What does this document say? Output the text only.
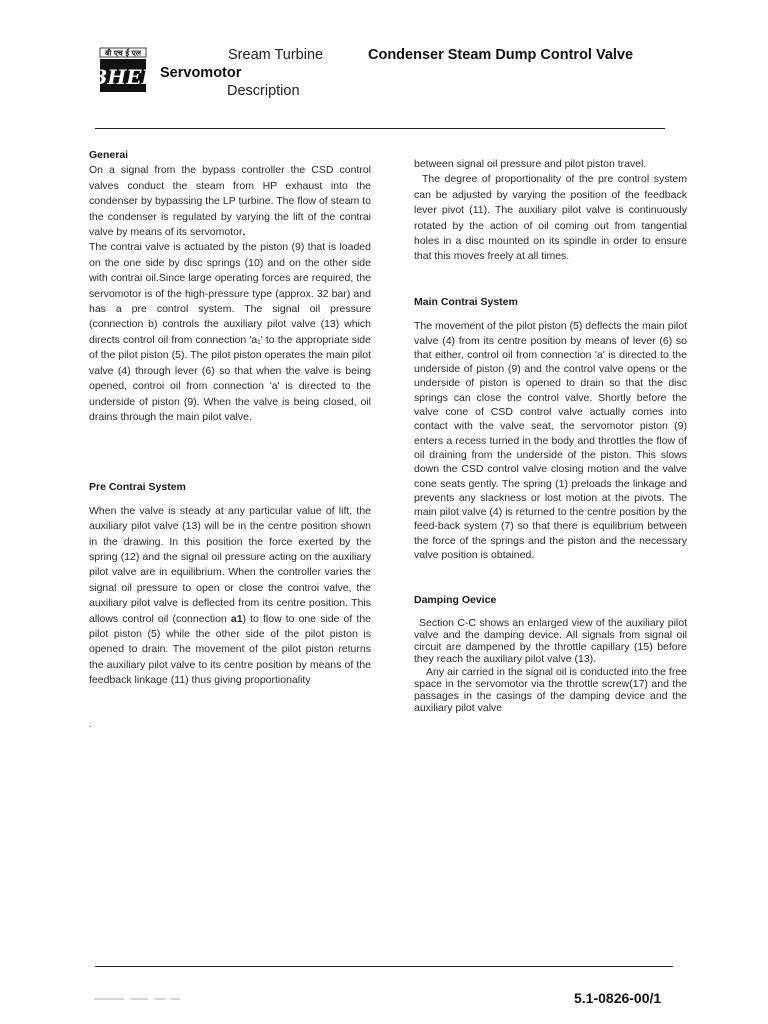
बी एच ई एल
BHEL
Sream Turbine	Condenser Steam Dump Control Valve
Servomotor
Description
Generai

On a signal from the bypass controller the CSD control valves conduct the steam from HP exhaust into the condenser by bypassing the LP turbine. The flow of steam to the condenser is regulated by varying the lift of the contrai valve by means of its servomotor.

The contrai valve is actuated by the piston (9) that is loaded on the one side by disc springs (10) and on the other side with contrai oil.Since large operating forces are required, the servomotor is of the high-pressure type (approx. 32 bar) and has a pre control system. The signal oil pressure (connection b) controls the auxiliary pilot valve (13) which directs control oil from connection 'a₁' to the appropriate side of the pilot piston (5). The pilot piston operates the main pilot valve (4) through lever (6) so that when the valve is being opened, controi oil from connection 'a' is directed to the underside of piston (9). When the valve is being closed, oil drains through the main pilot valve.

Pre Contrai System

When the valve is steady at any particular value of lift, the auxiliary pilot valve (13) will be in the centre position shown in the drawing. In this position the force exerted by the spring (12) and the signal oil pressure acting on the auxiliary pilot valve are in equilibrium. When the controller varies the signal oil pressure to open or close the controi valve, the auxiliary pilot valve is deflected from its centre position. This allows control oil (connection a1) to flow to one side of the pilot piston (5) while the other side of the pilot piston is opened to drain. The movement of the pilot piston returns the auxiliary pilot valve to its centre position by means of the feedback linkage (11) thus giving proportionality

.

between signal oil pressure and pilot piston travel.

The degree of proportionality of the pre control system can be adjusted by varying the position of the feedback lever pivot (11). The auxiliary pilot valve is continuously rotated by the action of oil coming out from tangential holes in a disc mounted on its spindle in order to ensure that this moves freely at all times.

Main Contrai System

The movement of the pilot piston (5) deflects the main pilot valve (4) from its centre position by means of lever (6) so that either, control oil from connection 'a' is directed to the underside of piston (9) and the control valve opens or the underside of piston is opened to drain so that the disc springs can close the control valve. Shortly before the valve cone of CSD control valve actually comes into contact with the valve seat, the servomotor piston (9) enters a recess turned in the body and throttles the flow of oil draining from the underside of the piston. This slows down the CSD control valve closing motion and the valve cone seats gently. The spring (1) preloads the linkage and prevents any slackness or lost motion at the pivots. The main pilot valve (4) is returned to the centre position by the feed-back system (7) so that there is equilibrium between the force of the springs and the piston and the necessary valve position is obtained.

Damping Oevice

Section C-C shows an enlarged view of the auxiliary pilot valve and the damping device. All signals from signal oil circuit are dampened by the throttle capillary (15) before they reach the auxiliary pilot valve (13).

Any air carried in the signal oil is conducted into the free space in the servomotor via the throttle screw(17) and the passages in the casings of the damping device and the auxiliary pilot valve

5.1-0826-00/1
